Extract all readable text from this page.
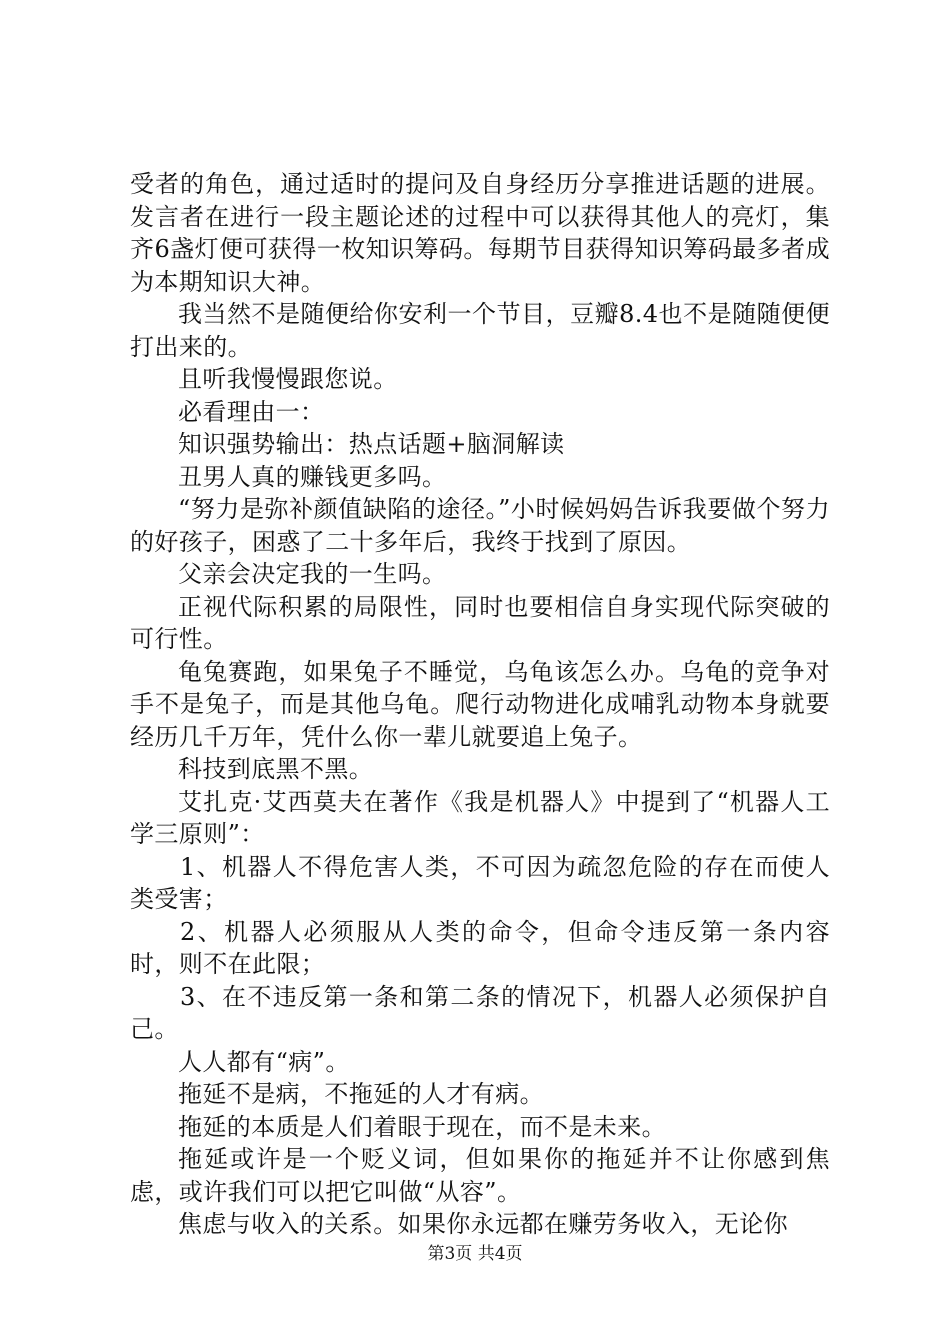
受者的角色，通过适时的提问及自身经历分享推进话题的进展。发言者在进行一段主题论述的过程中可以获得其他人的亮灯，集齐6盏灯便可获得一枚知识筹码。每期节目获得知识筹码最多者成为本期知识大神。

我当然不是随便给你安利一个节目，豆瓣8.4也不是随随便便打出来的。

且听我慢慢跟您说。

必看理由一：

知识强势输出：热点话题+脑洞解读

丑男人真的赚钱更多吗。

“努力是弥补颜值缺陷的途径。”小时候妈妈告诉我要做个努力的好孩子，困惑了二十多年后，我终于找到了原因。

父亲会决定我的一生吗。

正视代际积累的局限性，同时也要相信自身实现代际突破的可行性。

龟兔赛跑，如果兔子不睡觉，乌龟该怎么办。乌龟的竞争对手不是兔子，而是其他乌龟。爬行动物进化成哺乳动物本身就要经历几千万年，凭什么你一辈儿就要追上兔子。

科技到底黑不黑。

艾扎克·艾西莫夫在著作《我是机器人》中提到了“机器人工学三原则”：

1、机器人不得危害人类，不可因为疏忽危险的存在而使人类受害；

2、机器人必须服从人类的命令，但命令违反第一条内容时，则不在此限；

3、在不违反第一条和第二条的情况下，机器人必须保护自己。

人人都有“病”。

拖延不是病，不拖延的人才有病。

拖延的本质是人们着眼于现在，而不是未来。

拖延或许是一个贬义词，但如果你的拖延并不让你感到焦虑，或许我们可以把它叫做“从容”。

焦虑与收入的关系。如果你永远都在赚劳务收入，无论你

第3页 共4页
